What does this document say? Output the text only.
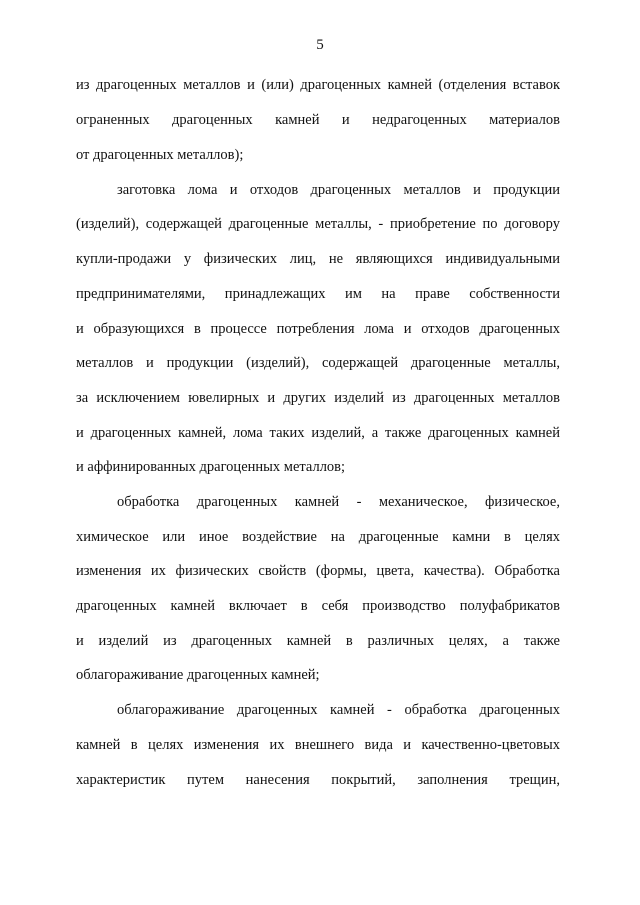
5
из драгоценных металлов и (или) драгоценных камней (отделения вставок
ограненных драгоценных камней и недрагоценных материалов
от драгоценных металлов);
заготовка лома и отходов драгоценных металлов и продукции
(изделий), содержащей драгоценные металлы, - приобретение по договору
купли-продажи у физических лиц, не являющихся индивидуальными
предпринимателями, принадлежащих им на праве собственности
и образующихся в процессе потребления лома и отходов драгоценных
металлов и продукции (изделий), содержащей драгоценные металлы,
за исключением ювелирных и других изделий из драгоценных металлов
и драгоценных камней, лома таких изделий, а также драгоценных камней
и аффинированных драгоценных металлов;
обработка драгоценных камней - механическое, физическое,
химическое или иное воздействие на драгоценные камни в целях
изменения их физических свойств (формы, цвета, качества). Обработка
драгоценных камней включает в себя производство полуфабрикатов
и изделий из драгоценных камней в различных целях, а также
облагораживание драгоценных камней;
облагораживание драгоценных камней - обработка драгоценных
камней в целях изменения их внешнего вида и качественно-цветовых
характеристик путем нанесения покрытий, заполнения трещин,
